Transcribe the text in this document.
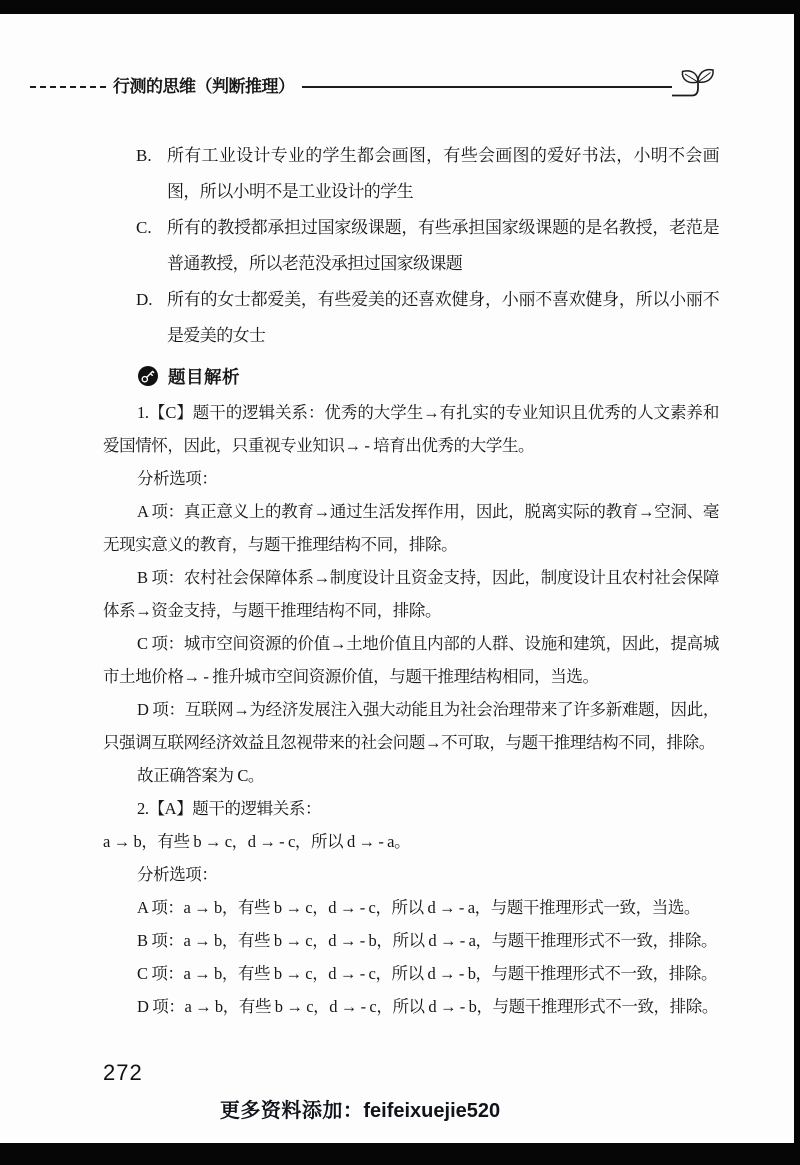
行测的思维（判断推理）
B. 所有工业设计专业的学生都会画图，有些会画图的爱好书法，小明不会画图，所以小明不是工业设计的学生
C. 所有的教授都承担过国家级课题，有些承担国家级课题的是名教授，老范是普通教授，所以老范没承担过国家级课题
D. 所有的女士都爱美，有些爱美的还喜欢健身，小丽不喜欢健身，所以小丽不是爱美的女士
题目解析

1.【C】题干的逻辑关系：优秀的大学生→有扎实的专业知识且优秀的人文素养和爱国情怀，因此，只重视专业知识→ - 培育出优秀的大学生。

分析选项：

A 项：真正意义上的教育→通过生活发挥作用，因此，脱离实际的教育→空洞、毫无现实意义的教育，与题干推理结构不同，排除。

B 项：农村社会保障体系→制度设计且资金支持，因此，制度设计且农村社会保障体系→资金支持，与题干推理结构不同，排除。

C 项：城市空间资源的价值→土地价值且内部的人群、设施和建筑，因此，提高城市土地价格→ - 推升城市空间资源价值，与题干推理结构相同，当选。

D 项：互联网→为经济发展注入强大动能且为社会治理带来了许多新难题，因此，只强调互联网经济效益且忽视带来的社会问题→不可取，与题干推理结构不同，排除。

故正确答案为 C。

2.【A】题干的逻辑关系：

a → b，有些 b → c，d → - c，所以 d → - a。

分析选项：

A 项：a → b，有些 b → c，d → - c，所以 d → - a，与题干推理形式一致，当选。

B 项：a → b，有些 b → c，d → - b，所以 d → - a，与题干推理形式不一致，排除。

C 项：a → b，有些 b → c，d → - c，所以 d → - b，与题干推理形式不一致，排除。

D 项：a → b，有些 b → c，d → - c，所以 d → - b，与题干推理形式不一致，排除。

272
更多资料添加：feifeixuejie520
